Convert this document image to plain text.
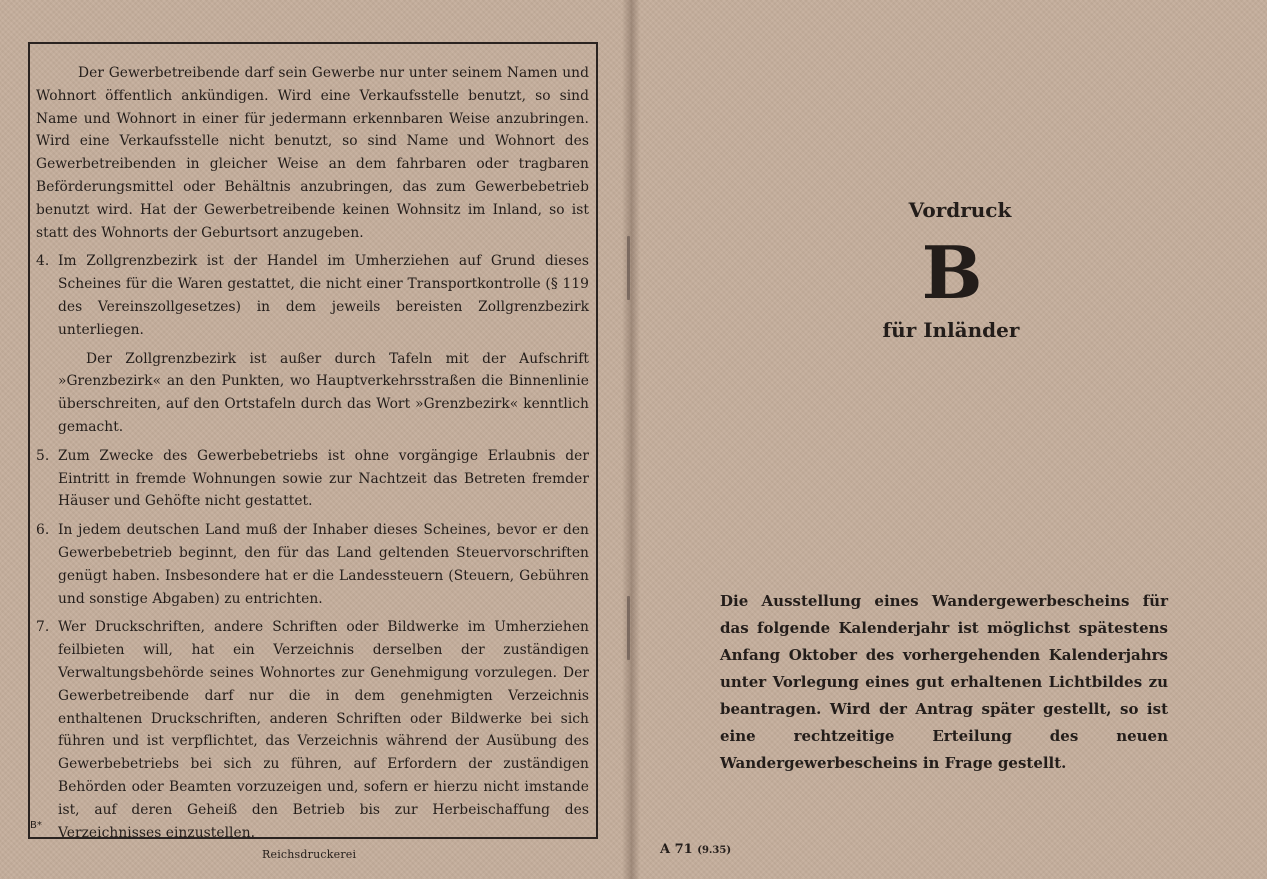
Der Gewerbetreibende darf sein Gewerbe nur unter seinem Namen und Wohnort öffentlich ankündigen. Wird eine Verkaufsstelle benutzt, so sind Name und Wohnort in einer für jedermann erkennbaren Weise anzubringen. Wird eine Verkaufsstelle nicht benutzt, so sind Name und Wohnort des Gewerbetreibenden in gleicher Weise an dem fahrbaren oder tragbaren Beförderungsmittel oder Behältnis anzubringen, das zum Gewerbebetrieb benutzt wird. Hat der Gewerbetreibende keinen Wohnsitz im Inland, so ist statt des Wohnorts der Geburtsort anzugeben.

4. Im Zollgrenzbezirk ist der Handel im Umherziehen auf Grund dieses Scheines für die Waren gestattet, die nicht einer Transportkontrolle (§ 119 des Vereinszollgesetzes) in dem jeweils bereisten Zollgrenzbezirk unterliegen.

Der Zollgrenzbezirk ist außer durch Tafeln mit der Aufschrift »Grenzbezirk« an den Punkten, wo Hauptverkehrsstraßen die Binnenlinie überschreiten, auf den Ortstafeln durch das Wort »Grenzbezirk« kenntlich gemacht.

5. Zum Zwecke des Gewerbebetriebs ist ohne vorgängige Erlaubnis der Eintritt in fremde Wohnungen sowie zur Nachtzeit das Betreten fremder Häuser und Gehöfte nicht gestattet.

6. In jedem deutschen Land muß der Inhaber dieses Scheines, bevor er den Gewerbebetrieb beginnt, den für das Land geltenden Steuervorschriften genügt haben. Insbesondere hat er die Landessteuern (Steuern, Gebühren und sonstige Abgaben) zu entrichten.

7. Wer Druckschriften, andere Schriften oder Bildwerke im Umherziehen feilbieten will, hat ein Verzeichnis derselben der zuständigen Verwaltungsbehörde seines Wohnortes zur Genehmigung vorzulegen. Der Gewerbetreibende darf nur die in dem genehmigten Verzeichnis enthaltenen Druckschriften, anderen Schriften oder Bildwerke bei sich führen und ist verpflichtet, das Verzeichnis während der Ausübung des Gewerbebetriebs bei sich zu führen, auf Erfordern der zuständigen Behörden oder Beamten vorzuzeigen und, sofern er hierzu nicht imstande ist, auf deren Geheiß den Betrieb bis zur Herbeischaffung des Verzeichnisses einzustellen.

B*
Reichsdruckerei
Vordruck
B
für Inländer
Die Ausstellung eines Wandergewerbescheins für das folgende Kalenderjahr ist möglichst spätestens Anfang Oktober des vorhergehenden Kalenderjahrs unter Vorlegung eines gut erhaltenen Lichtbildes zu beantragen. Wird der Antrag später gestellt, so ist eine rechtzeitige Erteilung des neuen Wandergewerbescheins in Frage gestellt.
A 71 (9.35)
